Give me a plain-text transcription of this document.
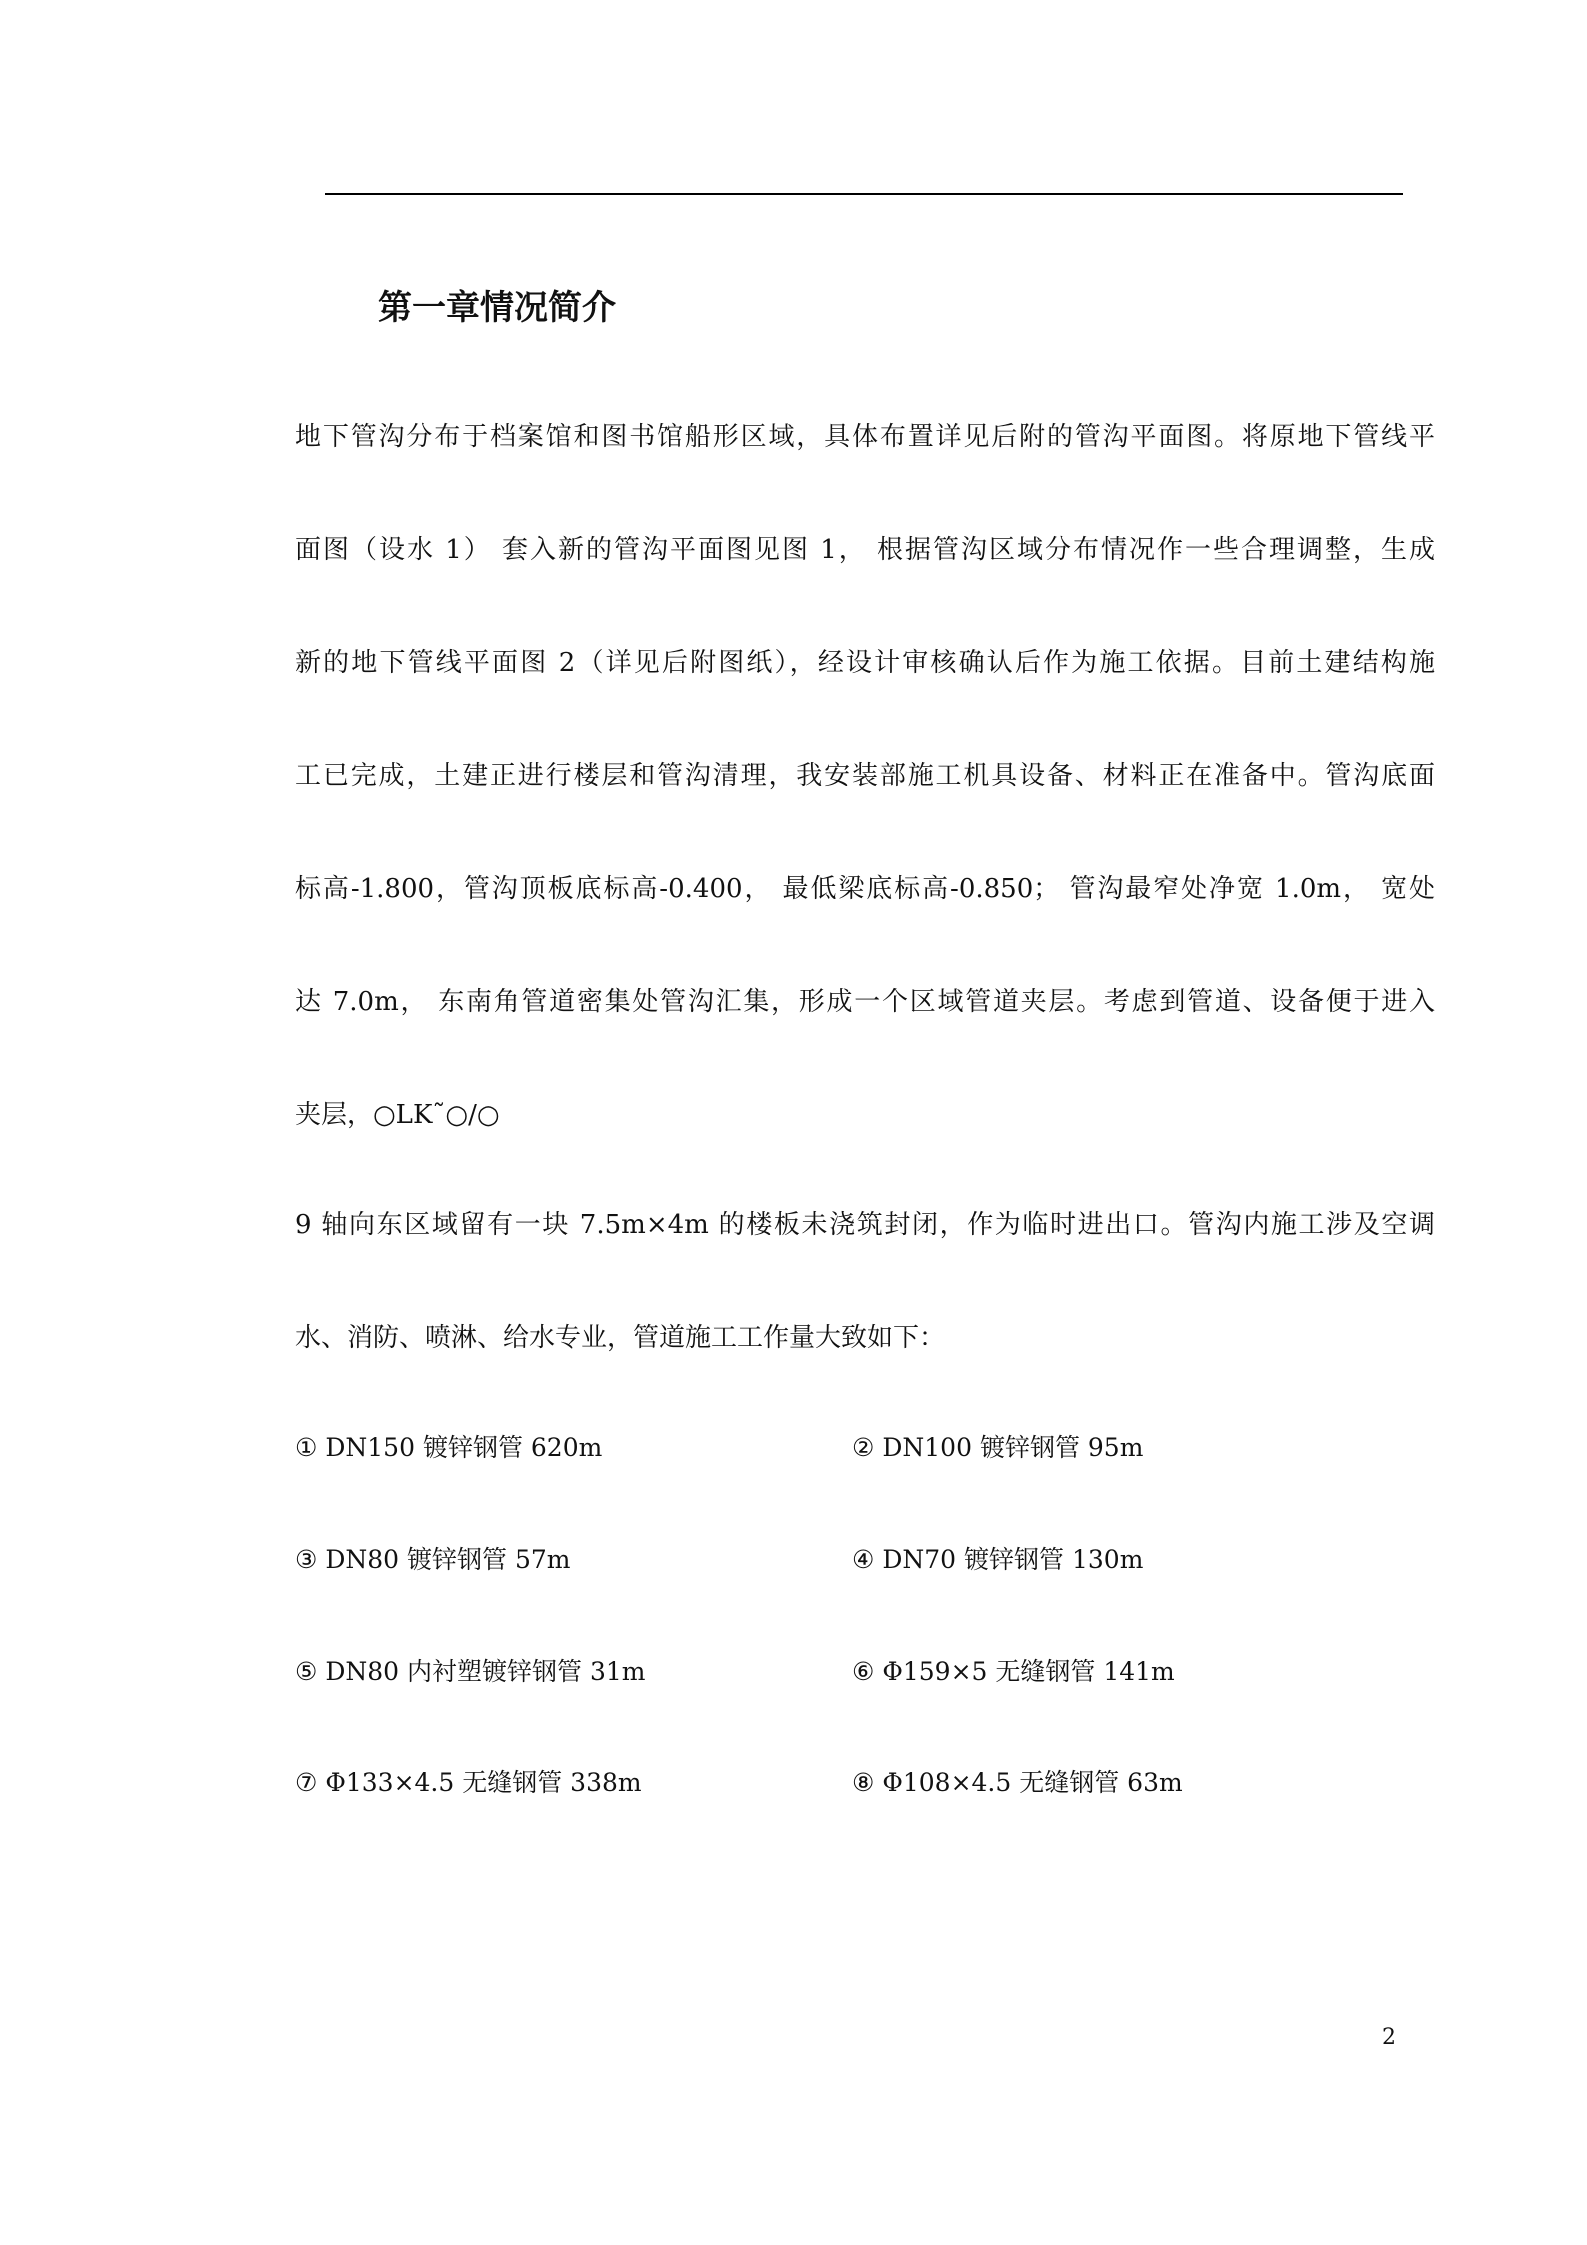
第一章情况简介

地下管沟分布于档案馆和图书馆船形区域，具体布置详见后附的管沟平面图。将原地下管线平

面图（设水 1） 套入新的管沟平面图见图 1， 根据管沟区域分布情况作一些合理调整，生成

新的地下管线平面图 2（详见后附图纸），经设计审核确认后作为施工依据。目前土建结构施

工已完成，土建正进行楼层和管沟清理，我安装部施工机具设备、材料正在准备中。管沟底面

标高-1.800，管沟顶板底标高-0.400， 最低梁底标高-0.850； 管沟最窄处净宽 1.0m， 宽处

达 7.0m， 东南角管道密集处管沟汇集，形成一个区域管道夹层。考虑到管道、设备便于进入

夹层，○LK˜○/○

9 轴向东区域留有一块 7.5m×4m 的楼板未浇筑封闭，作为临时进出口。管沟内施工涉及空调

水、消防、喷淋、给水专业，管道施工工作量大致如下：

① DN150 镀锌钢管 620m	② DN100 镀锌钢管 95m
③ DN80 镀锌钢管 57m	④ DN70 镀锌钢管 130m
⑤ DN80 内衬塑镀锌钢管 31m	⑥ Φ159×5 无缝钢管 141m
⑦ Φ133×4.5 无缝钢管 338m	⑧ Φ108×4.5 无缝钢管 63m
2
